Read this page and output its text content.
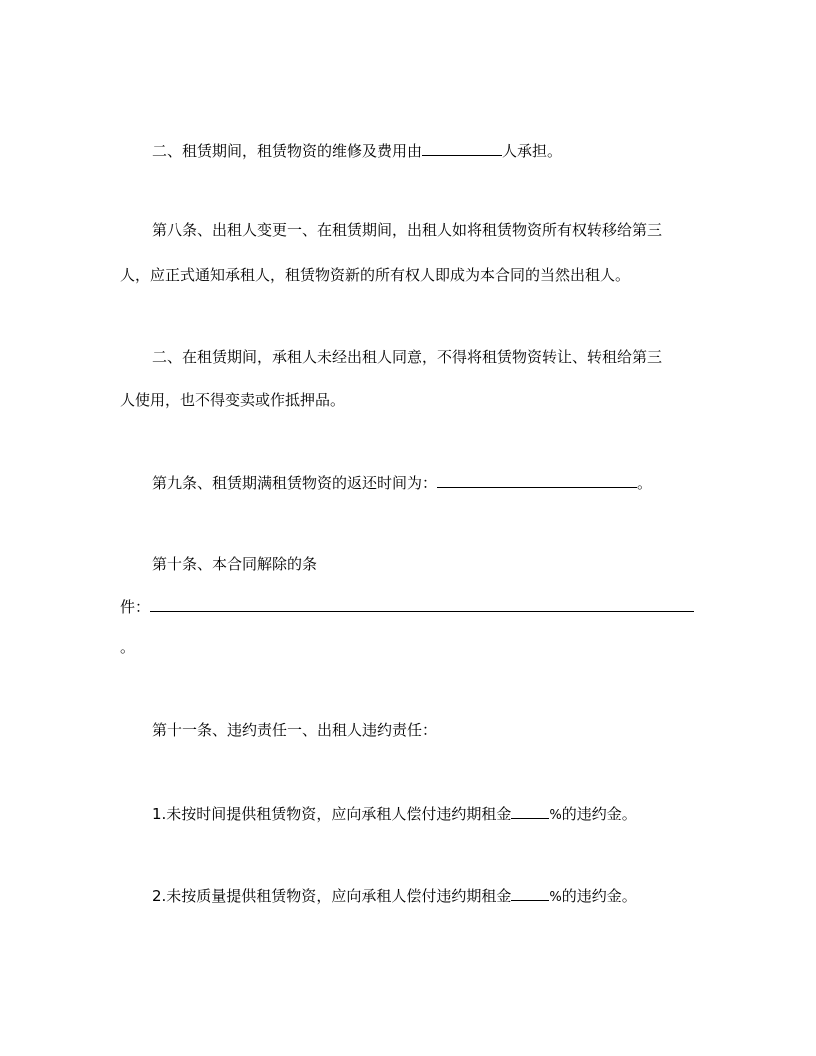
二、租赁期间，租赁物资的维修及费用由	人承担。
第八条、出租人变更一、在租赁期间，出租人如将租赁物资所有权转移给第三
人，应正式通知承租人，租赁物资新的所有权人即成为本合同的当然出租人。
二、在租赁期间，承租人未经出租人同意，不得将租赁物资转让、转租给第三
人使用，也不得变卖或作抵押品。
第九条、租赁期满租赁物资的返还时间为：	。
第十条、本合同解除的条
件：
。
第十一条、违约责任一、出租人违约责任：
1.未按时间提供租赁物资，应向承租人偿付违约期租金	%的违约金。
2.未按质量提供租赁物资，应向承租人偿付违约期租金	%的违约金。
